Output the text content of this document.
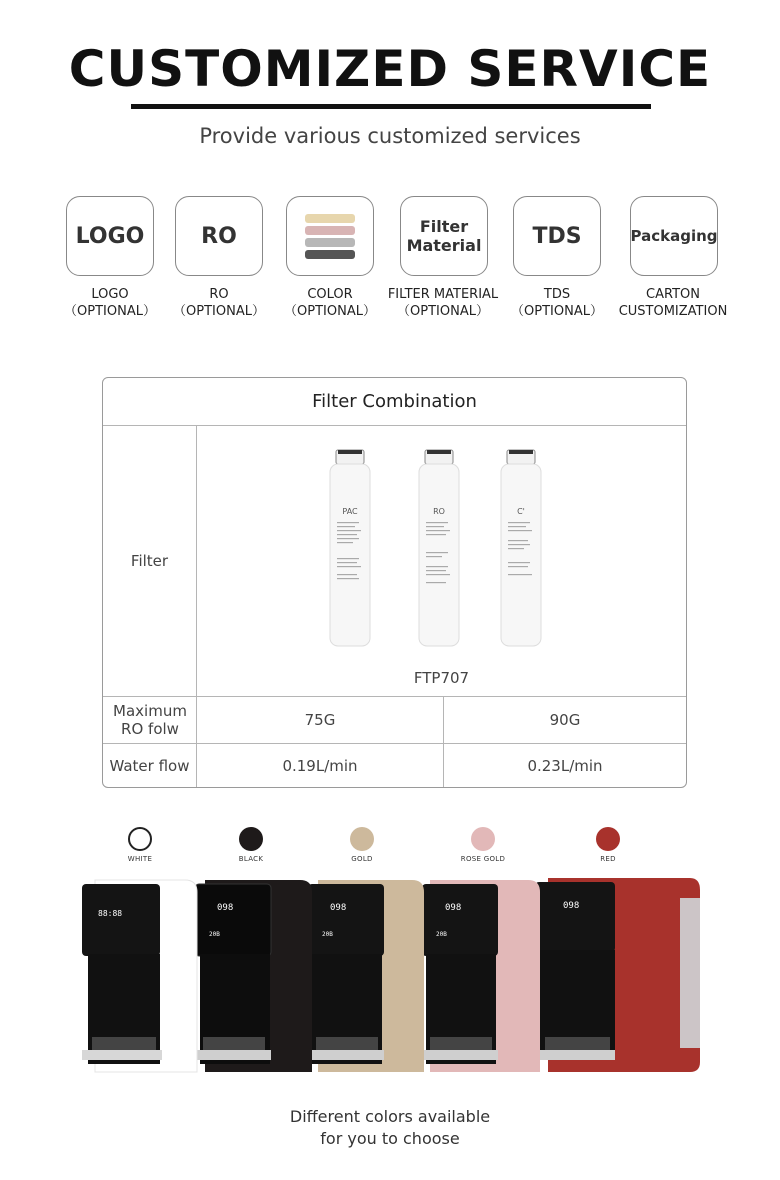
CUSTOMIZED SERVICE
Provide various customized services
LOGO	RO	Filter
Material TDS	Packaging
LOGO
（OPTIONAL）
RO
（OPTIONAL）
COLOR
（OPTIONAL）
FILTER MATERIAL
（OPTIONAL）
TDS
（OPTIONAL）
CARTON
CUSTOMIZATION
Filter Combination
Filter
PAC	RO	C'
FTP707
Maximum RO folw	75G	90G
Water flow	0.19L/min	0.23L/min
WHITE	BLACK	GOLD	ROSE GOLD	RED
098
098
20B
098
20B
098
20B
88:88
Different colors available
for you to choose
